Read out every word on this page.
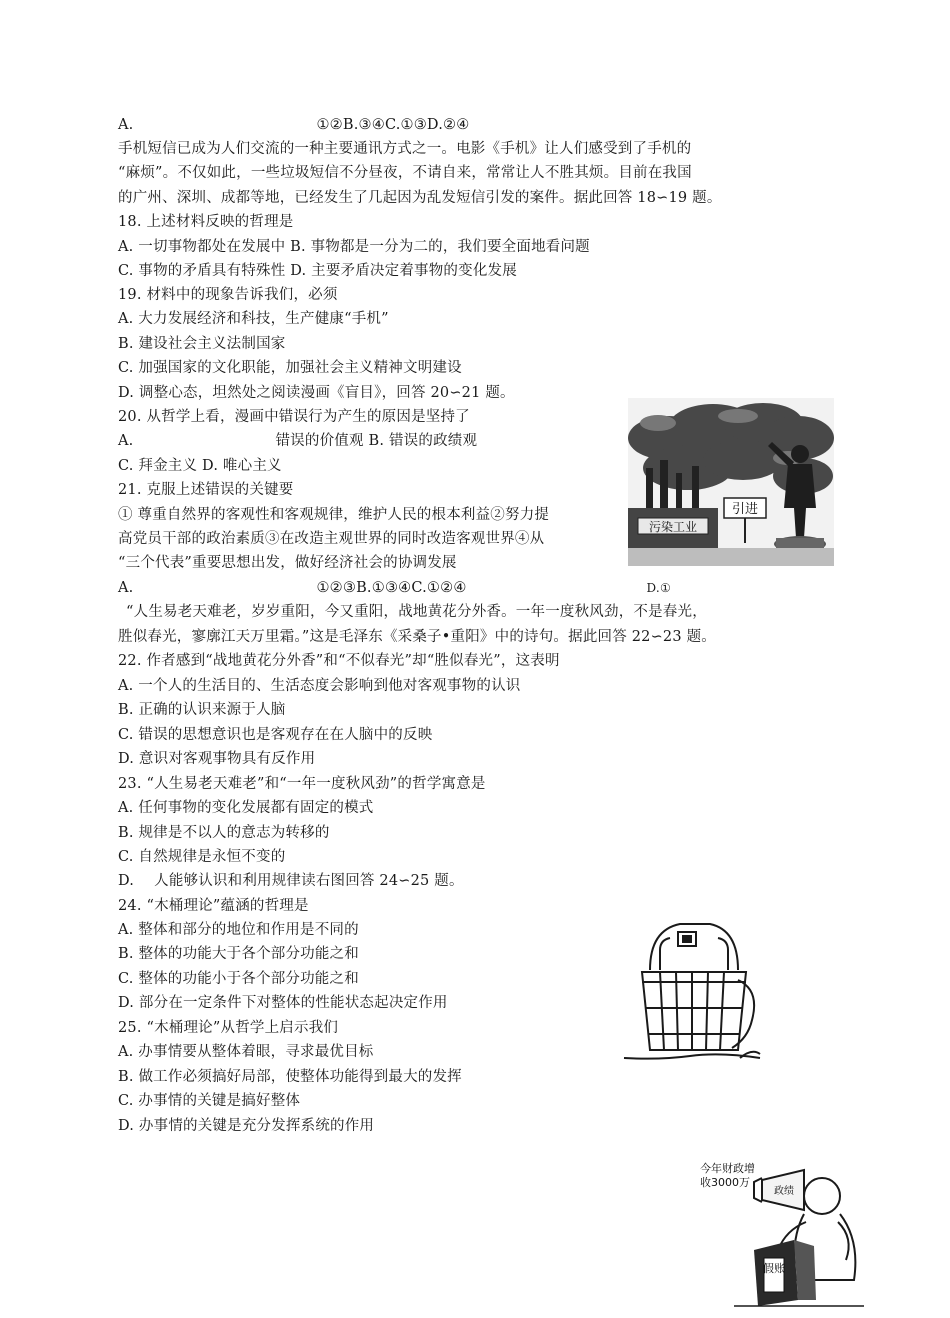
A.	①②B.③④C.①③D.②④
手机短信已成为人们交流的一种主要通讯方式之一。电影《手机》让人们感受到了手机的
“麻烦”。不仅如此，一些垃圾短信不分昼夜，不请自来，常常让人不胜其烦。目前在我国
的广州、深圳、成都等地，已经发生了几起因为乱发短信引发的案件。据此回答 18∽19 题。
18. 上述材料反映的哲理是
A. 一切事物都处在发展中 B. 事物都是一分为二的，我们要全面地看问题
C. 事物的矛盾具有特殊性 D. 主要矛盾决定着事物的变化发展
19. 材料中的现象告诉我们，必须
A. 大力发展经济和科技，生产健康“手机”
B. 建设社会主义法制国家
C. 加强国家的文化职能，加强社会主义精神文明建设
D. 调整心态，坦然处之阅读漫画《盲目》，回答 20∽21 题。
20. 从哲学上看，漫画中错误行为产生的原因是坚持了
A.	错误的价值观 B. 错误的政绩观
C. 拜金主义 D. 唯心主义
21. 克服上述错误的关键要
① 尊重自然界的客观性和客观规律，维护人民的根本利益②努力提
高党员干部的政治素质③在改造主观世界的同时改造客观世界④从
“三个代表”重要思想出发，做好经济社会的协调发展
A.	①②③B.①③④C.①②④	D.①
“人生易老天难老，岁岁重阳，今又重阳，战地黄花分外香。一年一度秋风劲，不是春光，
胜似春光，寥廓江天万里霜。”这是毛泽东《采桑子•重阳》中的诗句。据此回答 22∽23 题。
22. 作者感到“战地黄花分外香”和“不似春光”却“胜似春光”，这表明
A. 一个人的生活目的、生活态度会影响到他对客观事物的认识
B. 正确的认识来源于人脑
C. 错误的思想意识也是客观存在在人脑中的反映
D. 意识对客观事物具有反作用
23. “人生易老天难老”和“一年一度秋风劲”的哲学寓意是
A. 任何事物的变化发展都有固定的模式
B. 规律是不以人的意志为转移的
C. 自然规律是永恒不变的
D. 人能够认识和利用规律读右图回答 24∽25 题。
24. “木桶理论”蕴涵的哲理是
A. 整体和部分的地位和作用是不同的
B. 整体的功能大于各个部分功能之和
C. 整体的功能小于各个部分功能之和
D. 部分在一定条件下对整体的性能状态起决定作用
25. “木桶理论”从哲学上启示我们
A. 办事情要从整体着眼，寻求最优目标
B. 做工作必须搞好局部，使整体功能得到最大的发挥
C. 办事情的关键是搞好整体
D. 办事情的关键是充分发挥系统的作用
污染工业
引进
今年财政增
收3000万
政绩
假账
